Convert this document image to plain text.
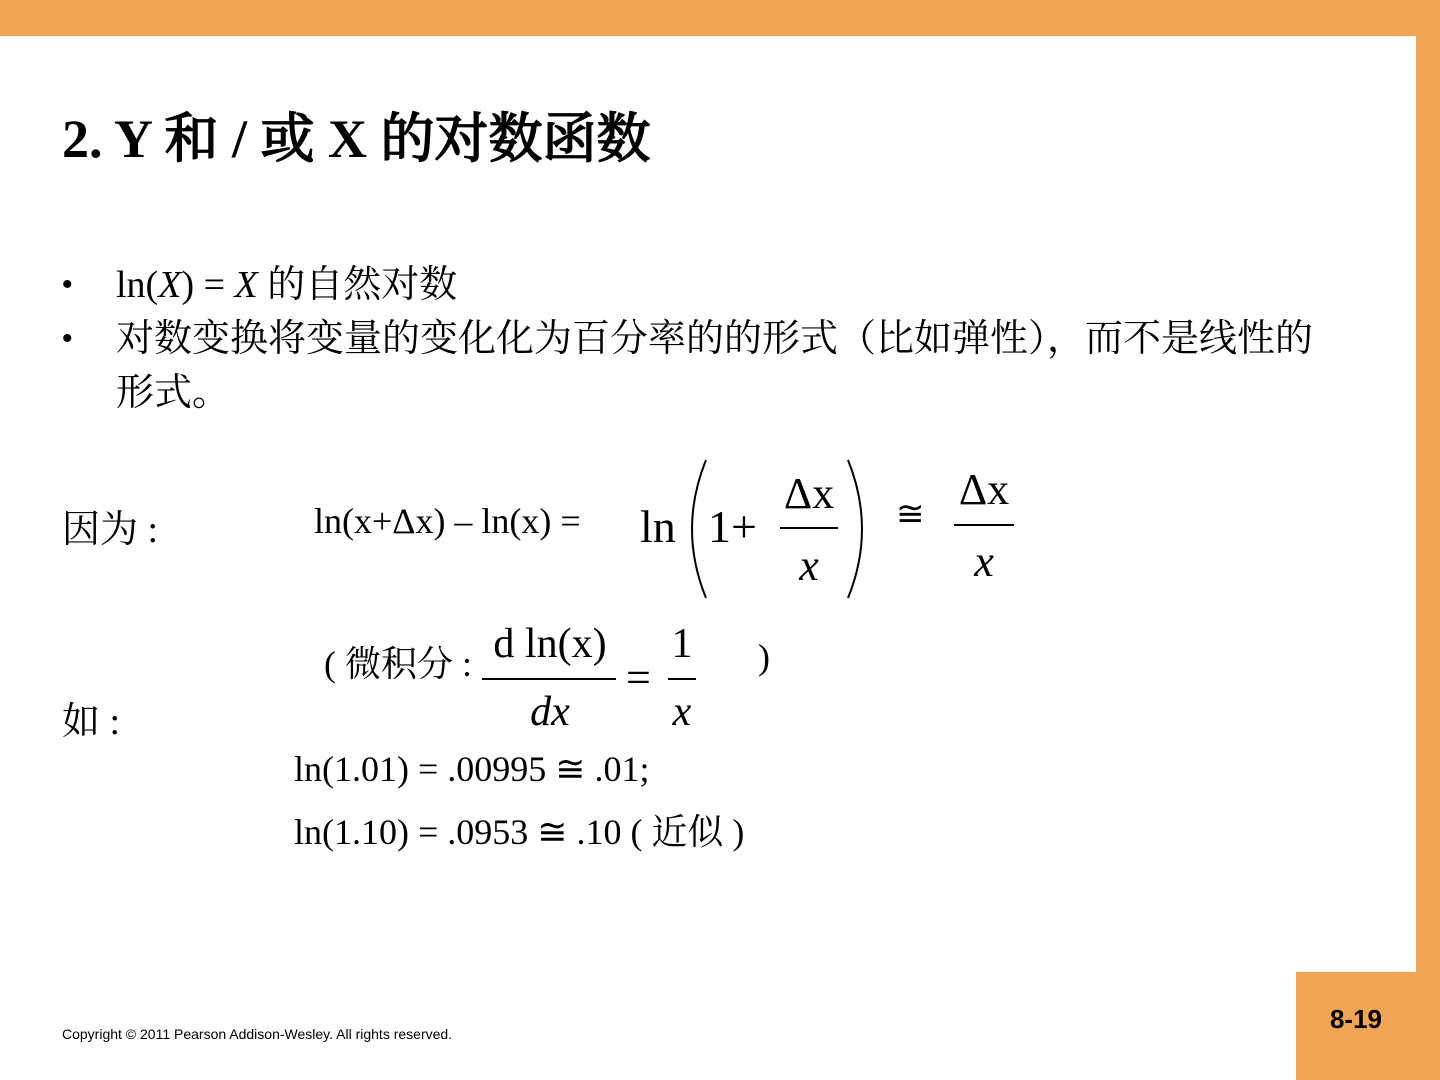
8-19
2. Y 和 / 或 X 的对数函数
•	ln(X) = X 的自然对数
•	对数变换将变量的变化化为百分率的的形式（比如弹性），而不是线性的形式。
因为 :	ln(x+Δx) – ln(x) = ln 1+
Δx
x
≅
Δx
x
( 微积分 : d ln(x)
dx
=
1
x
)
如 :
ln(1.01) = .00995 ≅ .01;
ln(1.10) = .0953 ≅ .10 ( 近似 )
Copyright © 2011 Pearson Addison-Wesley. All rights reserved.
